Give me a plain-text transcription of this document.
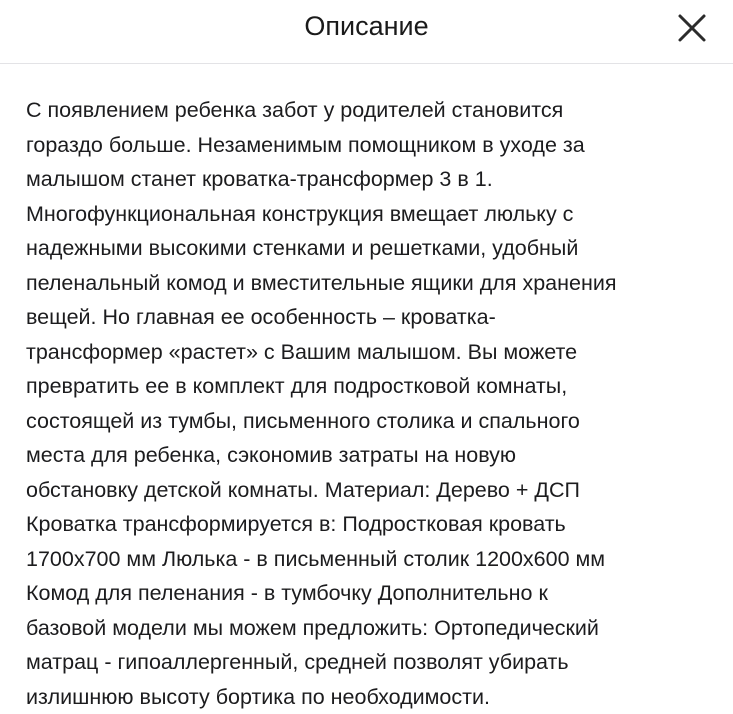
Описание

С появлением ребенка забот у родителей становится
гораздо больше. Незаменимым помощником в уходе за
малышом станет кроватка-трансформер 3 в 1.
Многофункциональная конструкция вмещает люльку с
надежными высокими стенками и решетками, удобный
пеленальный комод и вместительные ящики для хранения
вещей. Но главная ее особенность – кроватка-
трансформер «растет» с Вашим малышом. Вы можете
превратить ее в комплект для подростковой комнаты,
состоящей из тумбы, письменного столика и спального
места для ребенка, сэкономив затраты на новую
обстановку детской комнаты. Материал: Дерево + ДСП
Кроватка трансформируется в: Подростковая кровать
1700х700 мм Люлька - в письменный столик 1200х600 мм
Комод для пеленания - в тумбочку Дополнительно к
базовой модели мы можем предложить: Ортопедический
матрац - гипоаллергенный, средней позволят убирать
излишнюю высоту бортика по необходимости.
